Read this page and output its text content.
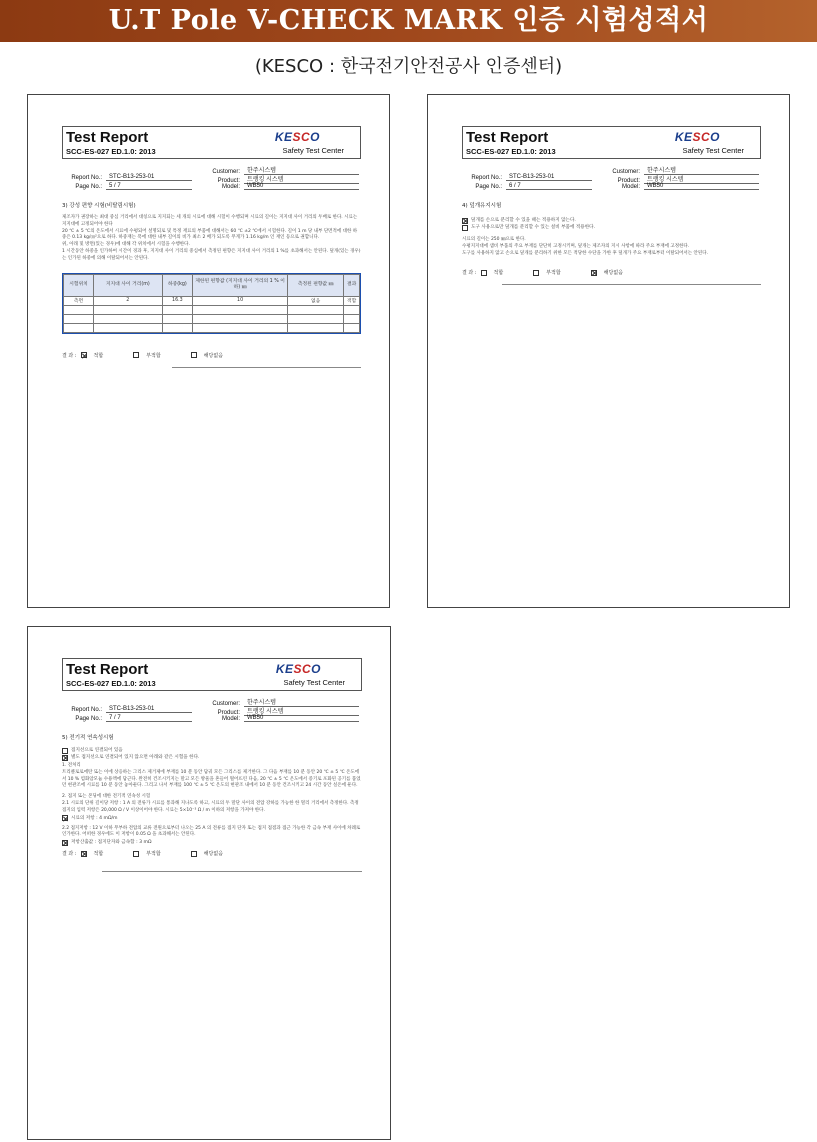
U.T Pole V-CHECK MARK 인증 시험성적서
(KESCO : 한국전기안전공사 인증센터)
Test Report
SCC-ES-027 ED.1.0: 2013
KESCO
Safety Test Center
Customer:	한주시스템
Report No.:	STC-B13-253-01
Product:	트랭킹 시스템
Page No.:	5 / 7	Model:	WB50
3) 강성 편향 시험(비탈림시험)
제조자가 권장하는 최대 중심 거리에서 대칭으로 지지되는 세 개의 시료에 대해 시험이 수행되며 시료의 길이는 지지대 사이 거리의 두배로 한다. 시료는 지지대에 고정되어야 한다
20 ℃ ± 5 ℃의 온도에서 시료에 수평되어 설명되로 및 특정 재료의 부품에 대해서는 60 ℃ ±2 ℃에서 시험한다. 길이 1 m 당 내부 단면적에 대한 하중은 0.13 kg/㎝²으로 하다. 하중재는 폭에 대한 내부 길이의 비가 최소 2 배가 되도록 무게가 1.16 kg/m 인 재인 등으로 권합니다.
위, 아래 및 방면(있는 경우)에 대해 각 위치에서 시험을 수행한다.
1 시간동안 하중을 인가하여 시간이 경과 후, 지지대 사이 거리의 중심에서 측정된 편향은 지지대 사이 거리의 1 %를 초과해서는 안된다. 덮개(있는 경우)는 인가된 하중에 의해 이탈되어서는 안된다.
시험위치	지지대 사이 거리(m)	하중(kg)	제한된 편향값 (지지대 사이 거리의 1 % 이하) ㎜	측정된 편향값 ㎜	결과
측면	2	16.3	10	없음	적합

결 과 :	적합	부적합	해당없음
Test Report
SCC-ES-027 ED.1.0: 2013
KESCO
Safety Test Center
Customer:	한주시스템
Report No.:	STC-B13-253-01
Product:	트랭킹 시스템
Page No.:	6 / 7	Model:	WB50
4) 덮개유지시험
덮개를 손으로 분리할 수 있을 때는 적용하지 않는다.
도구 사용으로만 덮개를 분리할 수 있는 설비 부품에 적용한다.
시료의 길이는 250 ㎜으로 한다.
수평지지대에 샘비 부품의 주요 부재를 단단히 고정시키며, 덮개는 제조자의 지시 사항에 따라 주요 부재에 고정한다.
도구를 사용하지 않고 손으로 덮개를 분리하기 위한 모든 적당한 수단을 가한 후 덮개가 주요 부재로부터 이탈되어서는 안된다.
결 과 :	적합	부적합	해당없음
Test Report
SCC-ES-027 ED.1.0: 2013
KESCO
Safety Test Center
Customer:	한주시스템
Report No.:	STC-B13-253-01
Product:	트랭킹 시스템
Page No.:	7 / 7	Model:	WB50
5) 전기적 연속성시험
접지선으로 연결되어 있음
별도 접지선으로 연결되어 있지 않으면 아래와 같은 시험을 한다.
1. 전처리
트리클로로에탄 또는 이에 상응하는 그리스 제거제에 부재를 10 분 동안 담궈 모든 그리스를 제거한다. 그 다음 부재를 10 분 동안 20 ℃ ± 5 ℃ 온도에서 10 % 염화암모늄 수용액에 담근다. 완전히 건조시키지는 말고 모든 방울을 흔들어 떨어뜨린 다음, 20 ℃ ± 5 ℃ 온도에서 증기로 포화된 공기를 품었던 현관조에 시료를 10 분 동안 놓아둔다. 그리고 나서 부재를 100 ℃ ± 5 ℃ 온도의 현관조 내에서 10 분 동안 건조시키고 24 시간 동안 실온에 둔다.
2. 접지 또는 본딩에 대한 전기적 연속성 시험
2.1 시료의 단위 길이당 저항 : 1 A 의 전류가 시료를 통과해 지나도록 하고, 시료의 두 말단 사이의 전압 강하를 가능한 한 멀리 거리에서 측정한다. 측정 접지의 입력 저항은 20,000 Ω / V 이상이어야 한다. 시료는 5×10⁻³ Ω / m 이하의 저항을 가져야 한다.
시료의 저항 : 4 mΩ/m
2.2 접지저항 : 12 V 이하 무부하 전압의 교류 전원으로부터 나오는 25 A 의 전류를 접지 단자 또는 접지 접점과 접근 가능한 각 금속 부재 사이에 차례로 인가한다. 어떠한 경우에도 이 저항이 0.05 Ω 을 초과해서는 안된다.
저항산출값 : 접지단자와 금속함 : 3 mΩ
결 과 :	적합	부적합	해당없음
